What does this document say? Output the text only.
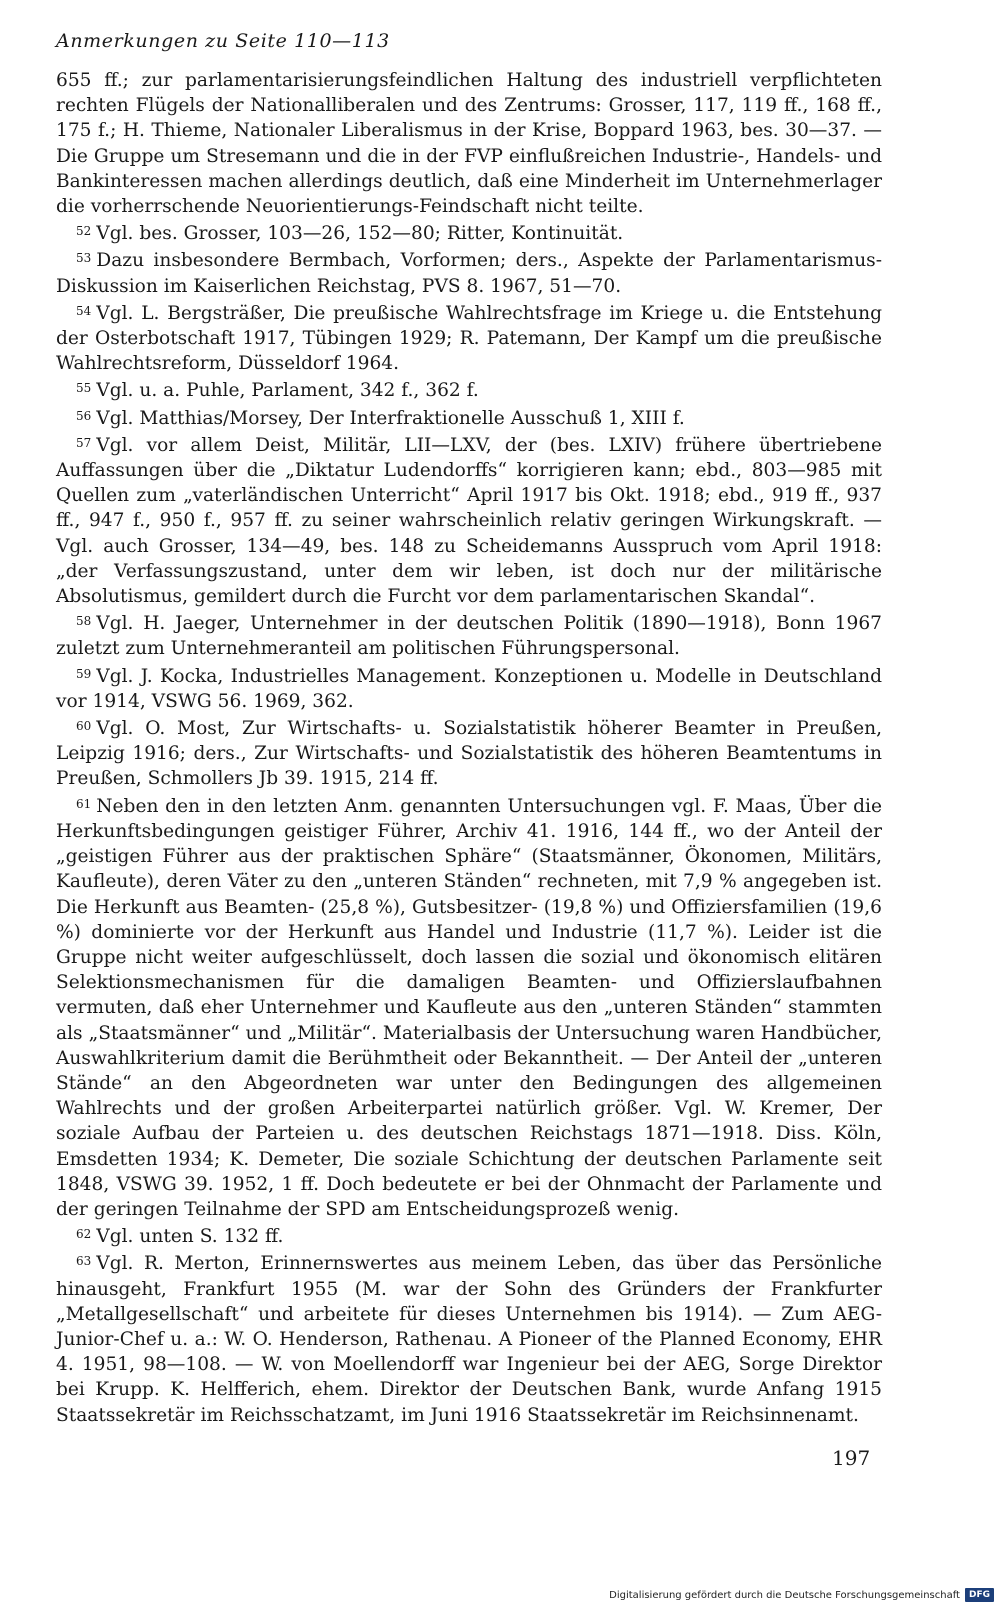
Anmerkungen zu Seite 110—113

655 ff.; zur parlamentarisierungsfeindlichen Haltung des industriell verpflichteten rechten Flügels der Nationalliberalen und des Zentrums: Grosser, 117, 119 ff., 168 ff., 175 f.; H. Thieme, Nationaler Liberalismus in der Krise, Boppard 1963, bes. 30—37. — Die Gruppe um Stresemann und die in der FVP einflußreichen Industrie-, Handels- und Bankinteressen machen allerdings deutlich, daß eine Minderheit im Unternehmerlager die vorherrschende Neuorientierungs-Feindschaft nicht teilte.

$^{52}$ Vgl. bes. Grosser, 103—26, 152—80; Ritter, Kontinuität.

$^{53}$ Dazu insbesondere Bermbach, Vorformen; ders., Aspekte der Parlamentarismus-Diskussion im Kaiserlichen Reichstag, PVS 8. 1967, 51—70.

$^{54}$ Vgl. L. Bergsträßer, Die preußische Wahlrechtsfrage im Kriege u. die Entstehung der Osterbotschaft 1917, Tübingen 1929; R. Patemann, Der Kampf um die preußische Wahlrechtsreform, Düsseldorf 1964.

$^{55}$ Vgl. u. a. Puhle, Parlament, 342 f., 362 f.

$^{56}$ Vgl. Matthias/Morsey, Der Interfraktionelle Ausschuß 1, XIII f.

$^{57}$ Vgl. vor allem Deist, Militär, LII—LXV, der (bes. LXIV) frühere übertriebene Auffassungen über die „Diktatur Ludendorffs“ korrigieren kann; ebd., 803—985 mit Quellen zum „vaterländischen Unterricht“ April 1917 bis Okt. 1918; ebd., 919 ff., 937 ff., 947 f., 950 f., 957 ff. zu seiner wahrscheinlich relativ geringen Wirkungskraft. — Vgl. auch Grosser, 134—49, bes. 148 zu Scheidemanns Ausspruch vom April 1918: „der Verfassungszustand, unter dem wir leben, ist doch nur der militärische Absolutismus, gemildert durch die Furcht vor dem parlamentarischen Skandal“.

$^{58}$ Vgl. H. Jaeger, Unternehmer in der deutschen Politik (1890—1918), Bonn 1967 zuletzt zum Unternehmeranteil am politischen Führungspersonal.

$^{59}$ Vgl. J. Kocka, Industrielles Management. Konzeptionen u. Modelle in Deutschland vor 1914, VSWG 56. 1969, 362.

$^{60}$ Vgl. O. Most, Zur Wirtschafts- u. Sozialstatistik höherer Beamter in Preußen, Leipzig 1916; ders., Zur Wirtschafts- und Sozialstatistik des höheren Beamtentums in Preußen, Schmollers Jb 39. 1915, 214 ff.

$^{61}$ Neben den in den letzten Anm. genannten Untersuchungen vgl. F. Maas, Über die Herkunftsbedingungen geistiger Führer, Archiv 41. 1916, 144 ff., wo der Anteil der „geistigen Führer aus der praktischen Sphäre“ (Staatsmänner, Ökonomen, Militärs, Kaufleute), deren Väter zu den „unteren Ständen“ rechneten, mit 7,9 % angegeben ist. Die Herkunft aus Beamten- (25,8 %), Gutsbesitzer- (19,8 %) und Offiziersfamilien (19,6 %) dominierte vor der Herkunft aus Handel und Industrie (11,7 %). Leider ist die Gruppe nicht weiter aufgeschlüsselt, doch lassen die sozial und ökonomisch elitären Selektionsmechanismen für die damaligen Beamten- und Offizierslaufbahnen vermuten, daß eher Unternehmer und Kaufleute aus den „unteren Ständen“ stammten als „Staatsmänner“ und „Militär“. Materialbasis der Untersuchung waren Handbücher, Auswahlkriterium damit die Berühmtheit oder Bekanntheit. — Der Anteil der „unteren Stände“ an den Abgeordneten war unter den Bedingungen des allgemeinen Wahlrechts und der großen Arbeiterpartei natürlich größer. Vgl. W. Kremer, Der soziale Aufbau der Parteien u. des deutschen Reichstags 1871—1918. Diss. Köln, Emsdetten 1934; K. Demeter, Die soziale Schichtung der deutschen Parlamente seit 1848, VSWG 39. 1952, 1 ff. Doch bedeutete er bei der Ohnmacht der Parlamente und der geringen Teilnahme der SPD am Entscheidungsprozeß wenig.

$^{62}$ Vgl. unten S. 132 ff.

$^{63}$ Vgl. R. Merton, Erinnernswertes aus meinem Leben, das über das Persönliche hinausgeht, Frankfurt 1955 (M. war der Sohn des Gründers der Frankfurter „Metallgesellschaft“ und arbeitete für dieses Unternehmen bis 1914). — Zum AEG-Junior-Chef u. a.: W. O. Henderson, Rathenau. A Pioneer of the Planned Economy, EHR 4. 1951, 98—108. — W. von Moellendorff war Ingenieur bei der AEG, Sorge Direktor bei Krupp. K. Helfferich, ehem. Direktor der Deutschen Bank, wurde Anfang 1915 Staatssekretär im Reichsschatzamt, im Juni 1916 Staatssekretär im Reichsinnenamt.

197
Digitalisierung gefördert durch die Deutsche Forschungsgemeinschaft	DFG
